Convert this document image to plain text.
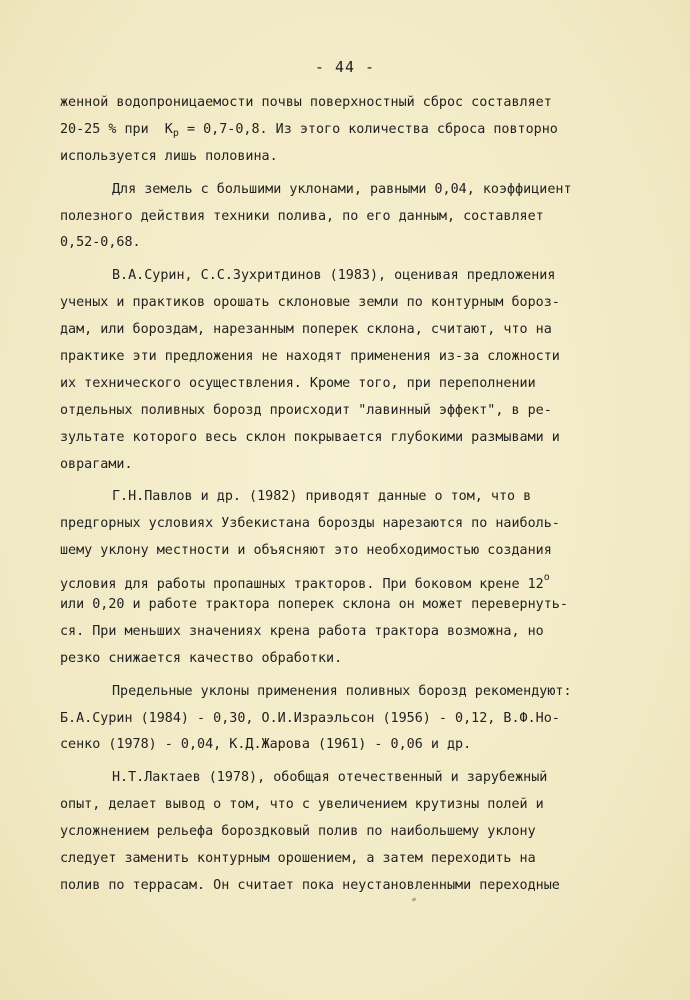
- 44 -
женной водопроницаемости почвы поверхностный сброс составляет
20-25 % при  $К_р = 0,7-0,8$. Из этого количества сброса повторно
используется лишь половина.
Для земель с большими уклонами, равными 0,04, коэффициент
полезного действия техники полива, по его данным, составляет
0,52-0,68.
В.А.Сурин, С.С.Зухритдинов (1983), оценивая предложения
ученых и практиков орошать склоновые земли по контурным бороз-
дам, или бороздам, нарезанным поперек склона, считают, что на
практике эти предложения не находят применения из-за сложности
их технического осуществления. Кроме того, при переполнении
отдельных поливных борозд происходит "лавинный эффект", в ре-
зультате которого весь склон покрывается глубокими размывами и
оврагами.
Г.Н.Павлов и др. (1982) приводят данные о том, что в
предгорных условиях Узбекистана борозды нарезаются по наиболь-
шему уклону местности и объясняют это необходимостью создания
условия для работы пропашных тракторов. При боковом крене $12^о$
или 0,20 и работе трактора поперек склона он может перевернуть-
ся. При меньших значениях крена работа трактора возможна, но
резко снижается качество обработки.
Предельные уклоны применения поливных борозд рекомендуют:
Б.А.Сурин (1984) - 0,30, О.И.Израэльсон (1956) - 0,12, В.Ф.Но-
сенко (1978) - 0,04, К.Д.Жарова (1961) - 0,06 и др.
Н.Т.Лактаев (1978), обобщая отечественный и зарубежный
опыт, делает вывод о том, что с увеличением крутизны полей и
усложнением рельефа бороздковый полив по наибольшему уклону
следует заменить контурным орошением, а затем переходить на
полив по террасам. Он считает пока неустановленными переходные
